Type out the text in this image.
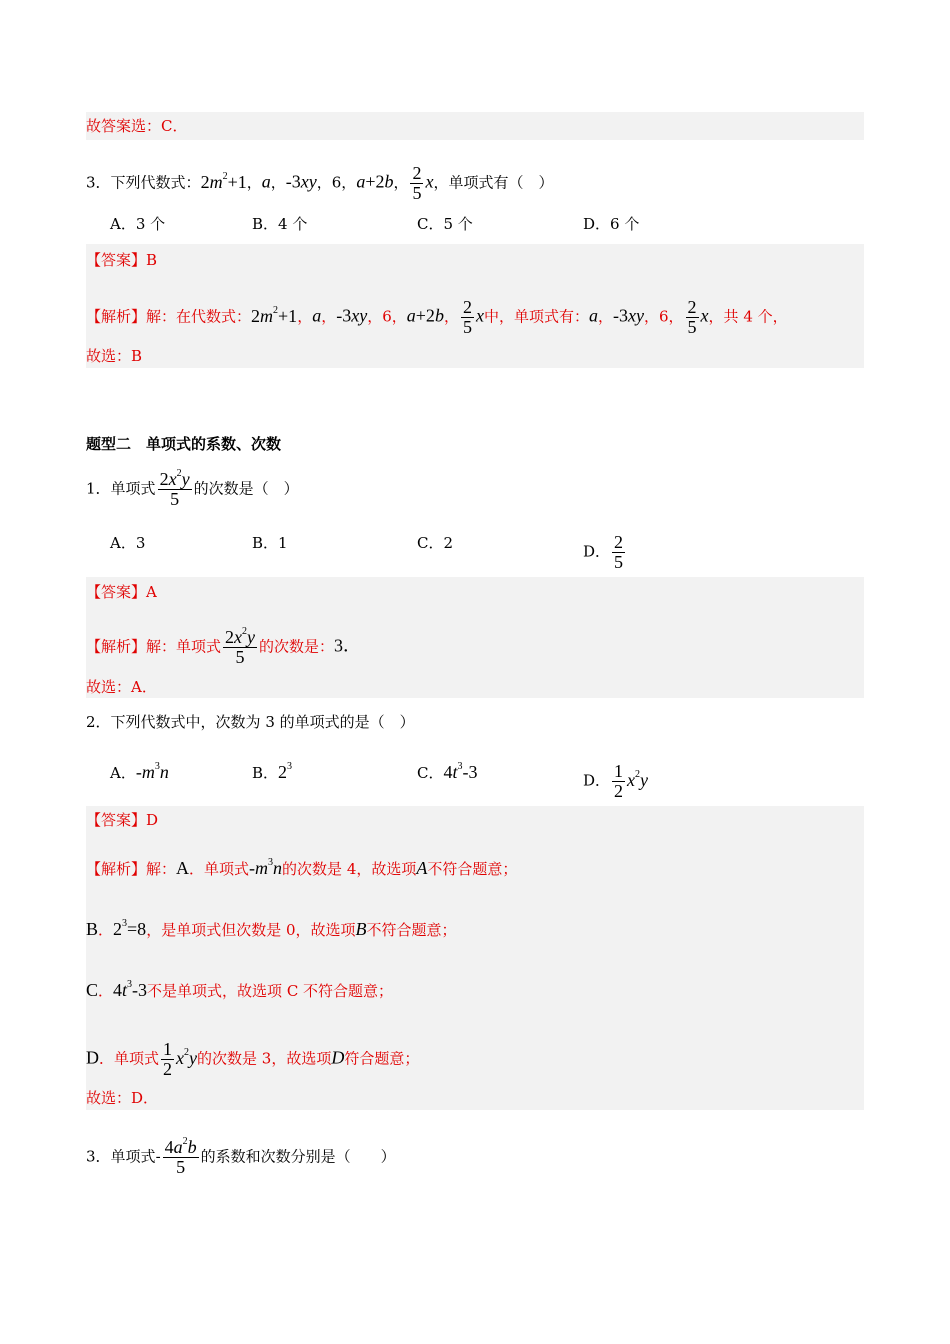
故答案选：C．
3．下列代数式：$2m^2+1$，a，-3xy，6，a+2b， $\frac{2}{5}$ x，单项式有（　）
A．3 个	B．4 个	C．5 个	D．6 个
【答案】B
【解析】解：在代数式：$2m^2+1$，a，-3xy，6，a+2b， $\frac{2}{5}$ x中，单项式有：a，-3xy，6， $\frac{2}{5}$ x，共 4 个，
故选：B
题型二　单项式的系数、次数
1．单项式 $\frac{2x^2y}{5}$ 的次数是（　）
A．3	B．1	C．2	D． $\frac{2}{5}$
【答案】A
【解析】解：单项式 $\frac{2x^2y}{5}$ 的次数是：3．
故选：A．
2．下列代数式中，次数为 3 的单项式的是（　）
A．$-m^3n$	B．$2^3$	C．$4t^3-3$	D． $\frac{1}{2} x^2y$
【答案】D
【解析】解：A．单项式$-m^3n$的次数是 4，故选项A不符合题意；
B．$2^3=8$，是单项式但次数是 0，故选项B不符合题意；
C．$4t^3-3$不是单项式，故选项 C 不符合题意；
D．单项式 $\frac{1}{2} x^2y$的次数是 3，故选项D符合题意；
故选：D．
3．单项式- $\frac{4a^2b}{5}$ 的系数和次数分别是（　　）
